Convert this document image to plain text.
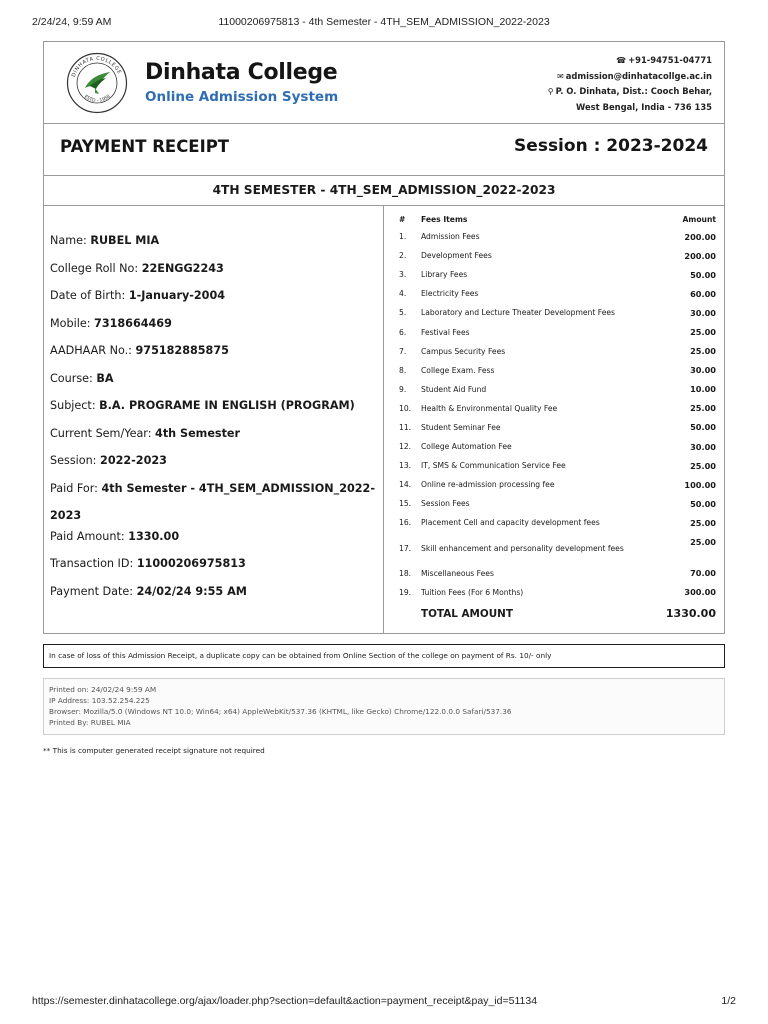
2/24/24, 9:59 AM	11000206975813 - 4th Semester - 4TH_SEM_ADMISSION_2022-2023
DINHATA COLLEGE
ESTD - 1958
Dinhata College
Online Admission System
☎ +91-94751-04771
✉ admission@dinhatacollge.ac.in
⚲ P. O. Dinhata, Dist.: Cooch Behar,
West Bengal, India - 736 135
PAYMENT RECEIPT	Session : 2023-2024
4TH SEMESTER - 4TH_SEM_ADMISSION_2022-2023
Name: RUBEL MIA
College Roll No: 22ENGG2243
Date of Birth: 1-January-2004
Mobile: 7318664469
AADHAAR No.: 975182885875
Course: BA
Subject: B.A. PROGRAME IN ENGLISH (PROGRAM)
Current Sem/Year: 4th Semester
Session: 2022-2023
Paid For: 4th Semester - 4TH_SEM_ADMISSION_2022-2023
Paid Amount: 1330.00
Transaction ID: 11000206975813
Payment Date: 24/02/24 9:55 AM
#	Fees Items	Amount
1.	Admission Fees	200.00
2.	Development Fees	200.00
3.	Library Fees	50.00
4.	Electricity Fees	60.00
5.	Laboratory and Lecture Theater Development Fees	30.00
6.	Festival Fees	25.00
7.	Campus Security Fees	25.00
8.	College Exam. Fess	30.00
9.	Student Aid Fund	10.00
10.	Health & Environmental Quality Fee	25.00
11.	Student Seminar Fee	50.00
12.	College Automation Fee	30.00
13.	IT, SMS & Communication Service Fee	25.00
14.	Online re-admission processing fee	100.00
15.	Session Fees	50.00
16.	Placement Cell and capacity development fees	25.00
17.	Skill enhancement and personality development fees	25.00
18.	Miscellaneous Fees	70.00
19.	Tuition Fees (For 6 Months)	300.00
	TOTAL AMOUNT	1330.00
In case of loss of this Admission Receipt, a duplicate copy can be obtained from Online Section of the college on payment of Rs. 10/- only
Printed on: 24/02/24 9:59 AM
IP Address: 103.52.254.225
Browser: Mozilla/5.0 (Windows NT 10.0; Win64; x64) AppleWebKit/537.36 (KHTML, like Gecko) Chrome/122.0.0.0 Safari/537.36
Printed By: RUBEL MIA
** This is computer generated receipt signature not required
https://semester.dinhatacollege.org/ajax/loader.php?section=default&action=payment_receipt&pay_id=51134	1/2
